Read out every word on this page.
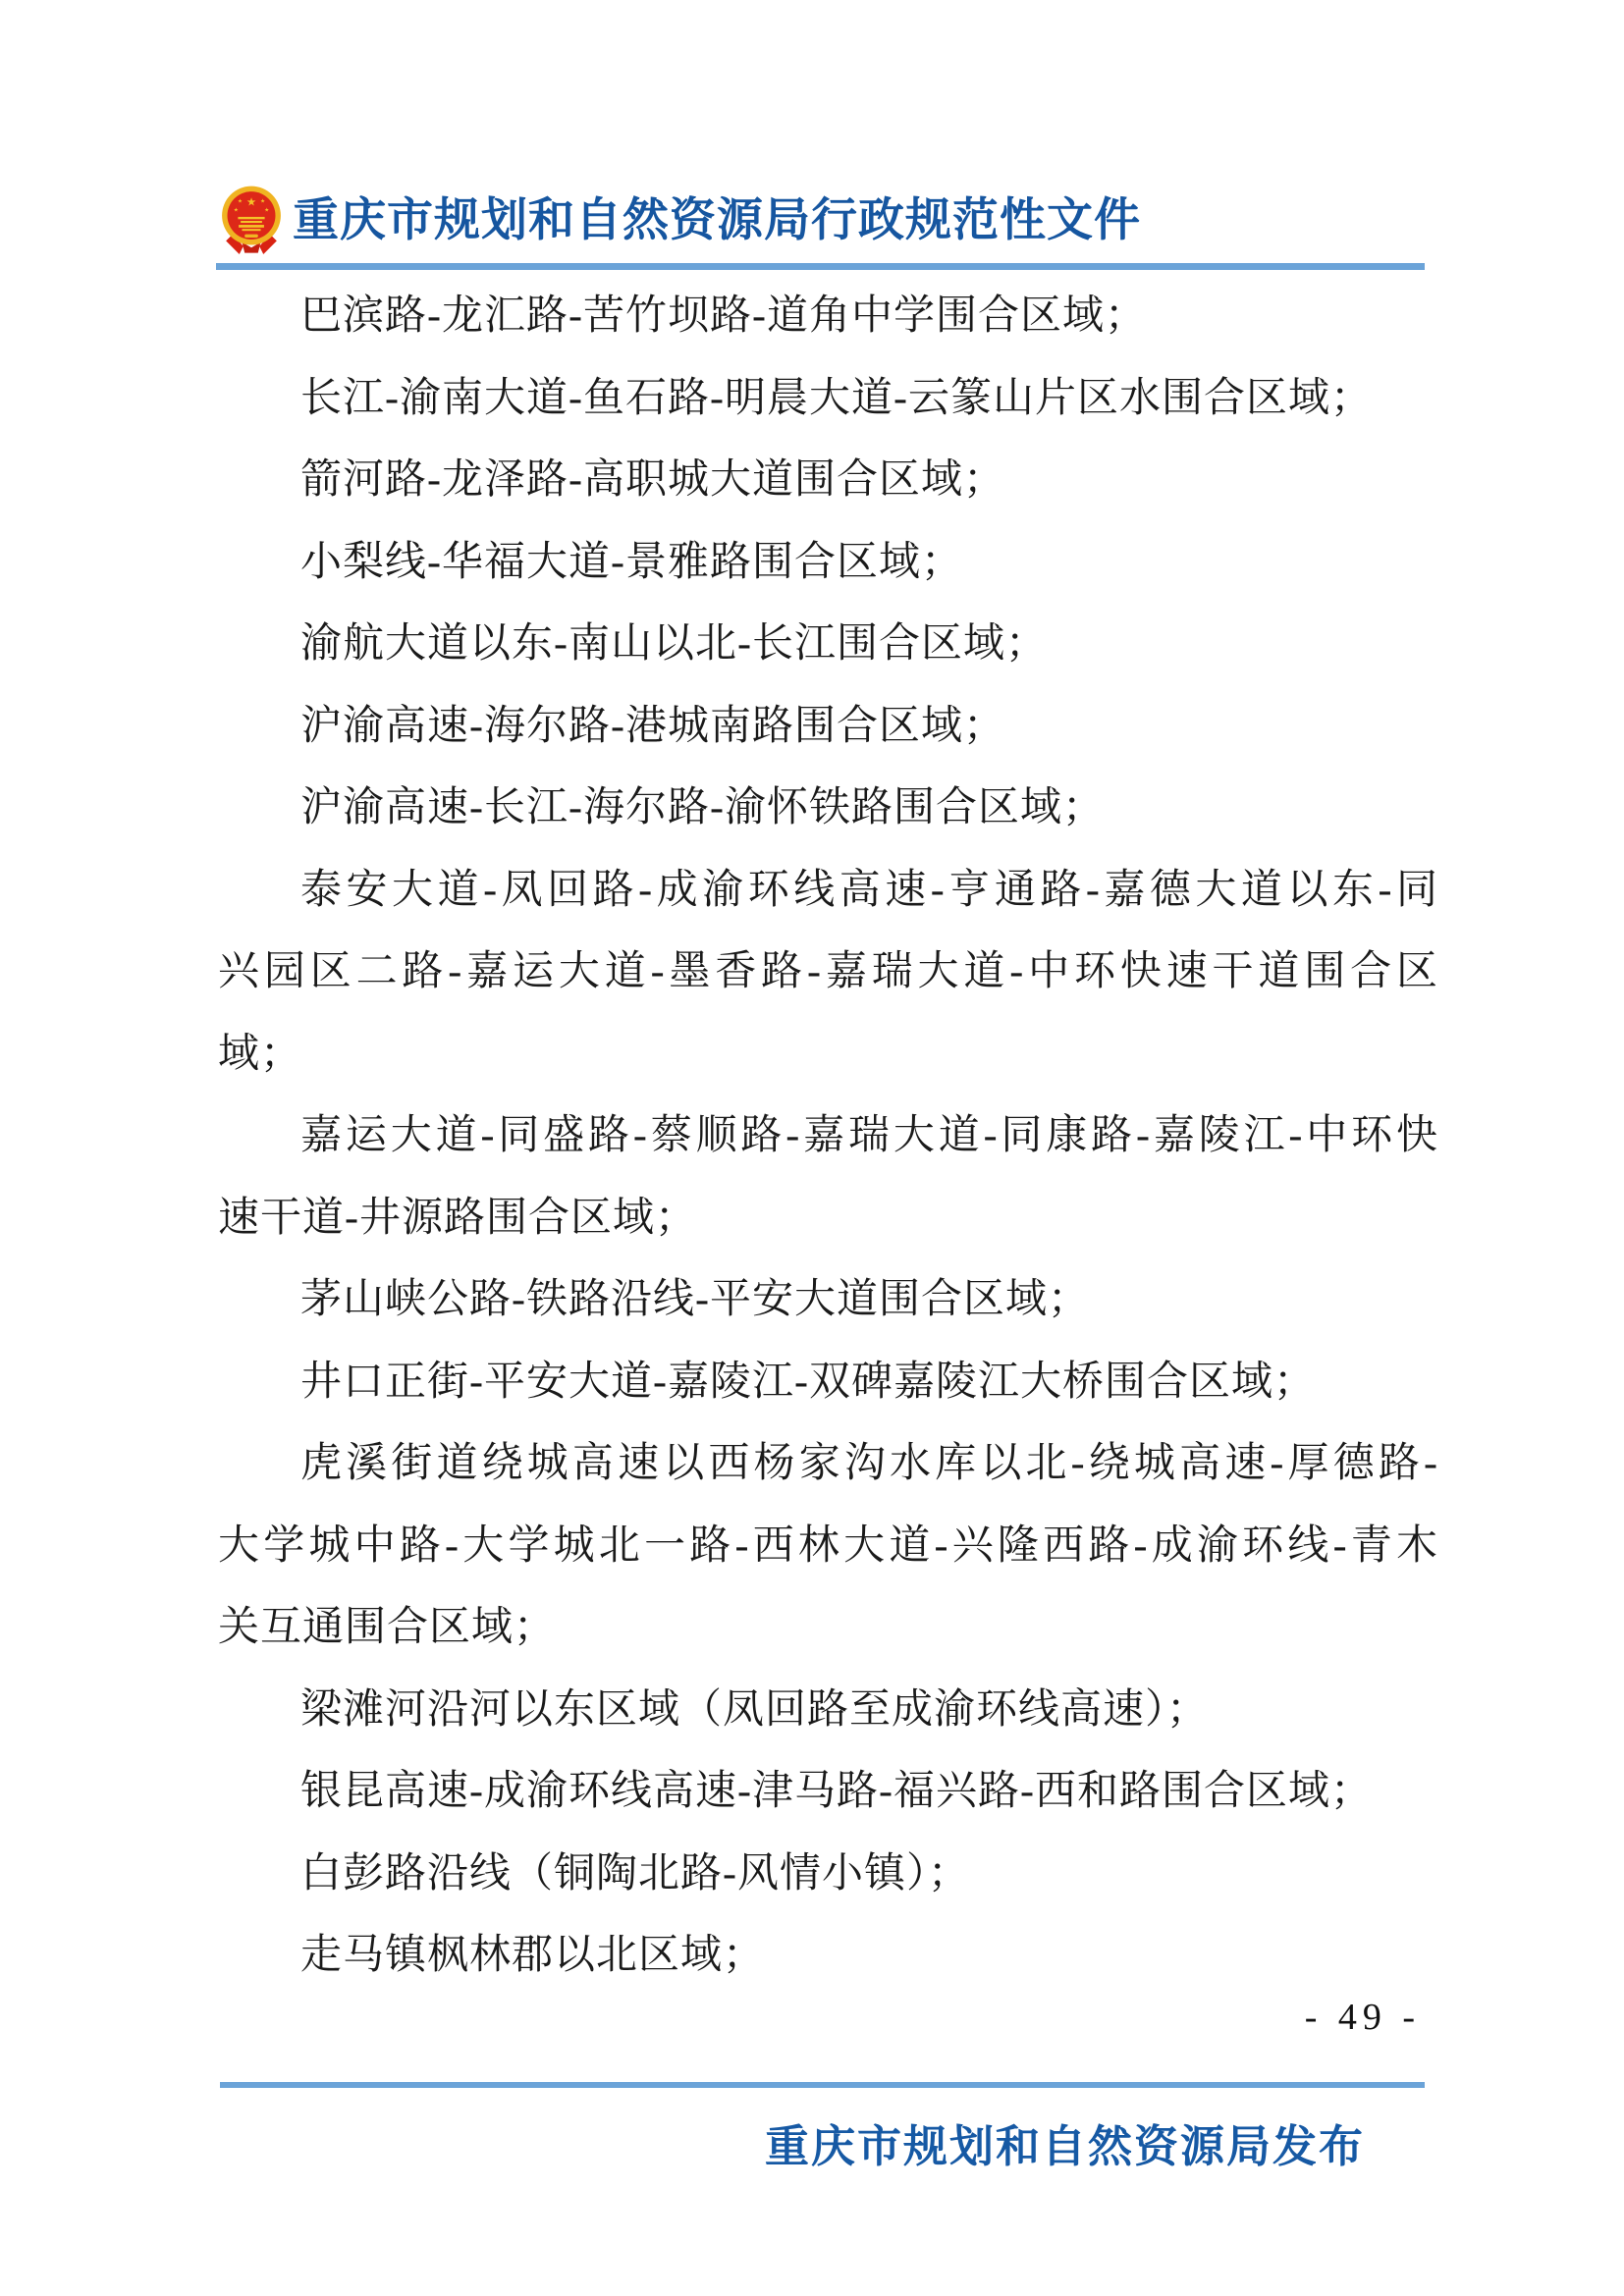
★
★ ★
★	★ 重庆市规划和自然资源局行政规范性文件

巴滨路-龙汇路-苦竹坝路-道角中学围合区域；

长江-渝南大道-鱼石路-明晨大道-云篆山片区水围合区域；

箭河路-龙泽路-高职城大道围合区域；

小梨线-华福大道-景雅路围合区域；

渝航大道以东-南山以北-长江围合区域；

沪渝高速-海尔路-港城南路围合区域；

沪渝高速-长江-海尔路-渝怀铁路围合区域；

泰安大道-凤回路-成渝环线高速-亨通路-嘉德大道以东-同

兴园区二路-嘉运大道-墨香路-嘉瑞大道-中环快速干道围合区

域；

嘉运大道-同盛路-蔡顺路-嘉瑞大道-同康路-嘉陵江-中环快

速干道-井源路围合区域；

茅山峡公路-铁路沿线-平安大道围合区域；

井口正街-平安大道-嘉陵江-双碑嘉陵江大桥围合区域；

虎溪街道绕城高速以西杨家沟水库以北-绕城高速-厚德路-

大学城中路-大学城北一路-西林大道-兴隆西路-成渝环线-青木

关互通围合区域；

梁滩河沿河以东区域（凤回路至成渝环线高速）；

银昆高速-成渝环线高速-津马路-福兴路-西和路围合区域；

白彭路沿线（铜陶北路-风情小镇）；

走马镇枫林郡以北区域；

- 49 -
重庆市规划和自然资源局发布
